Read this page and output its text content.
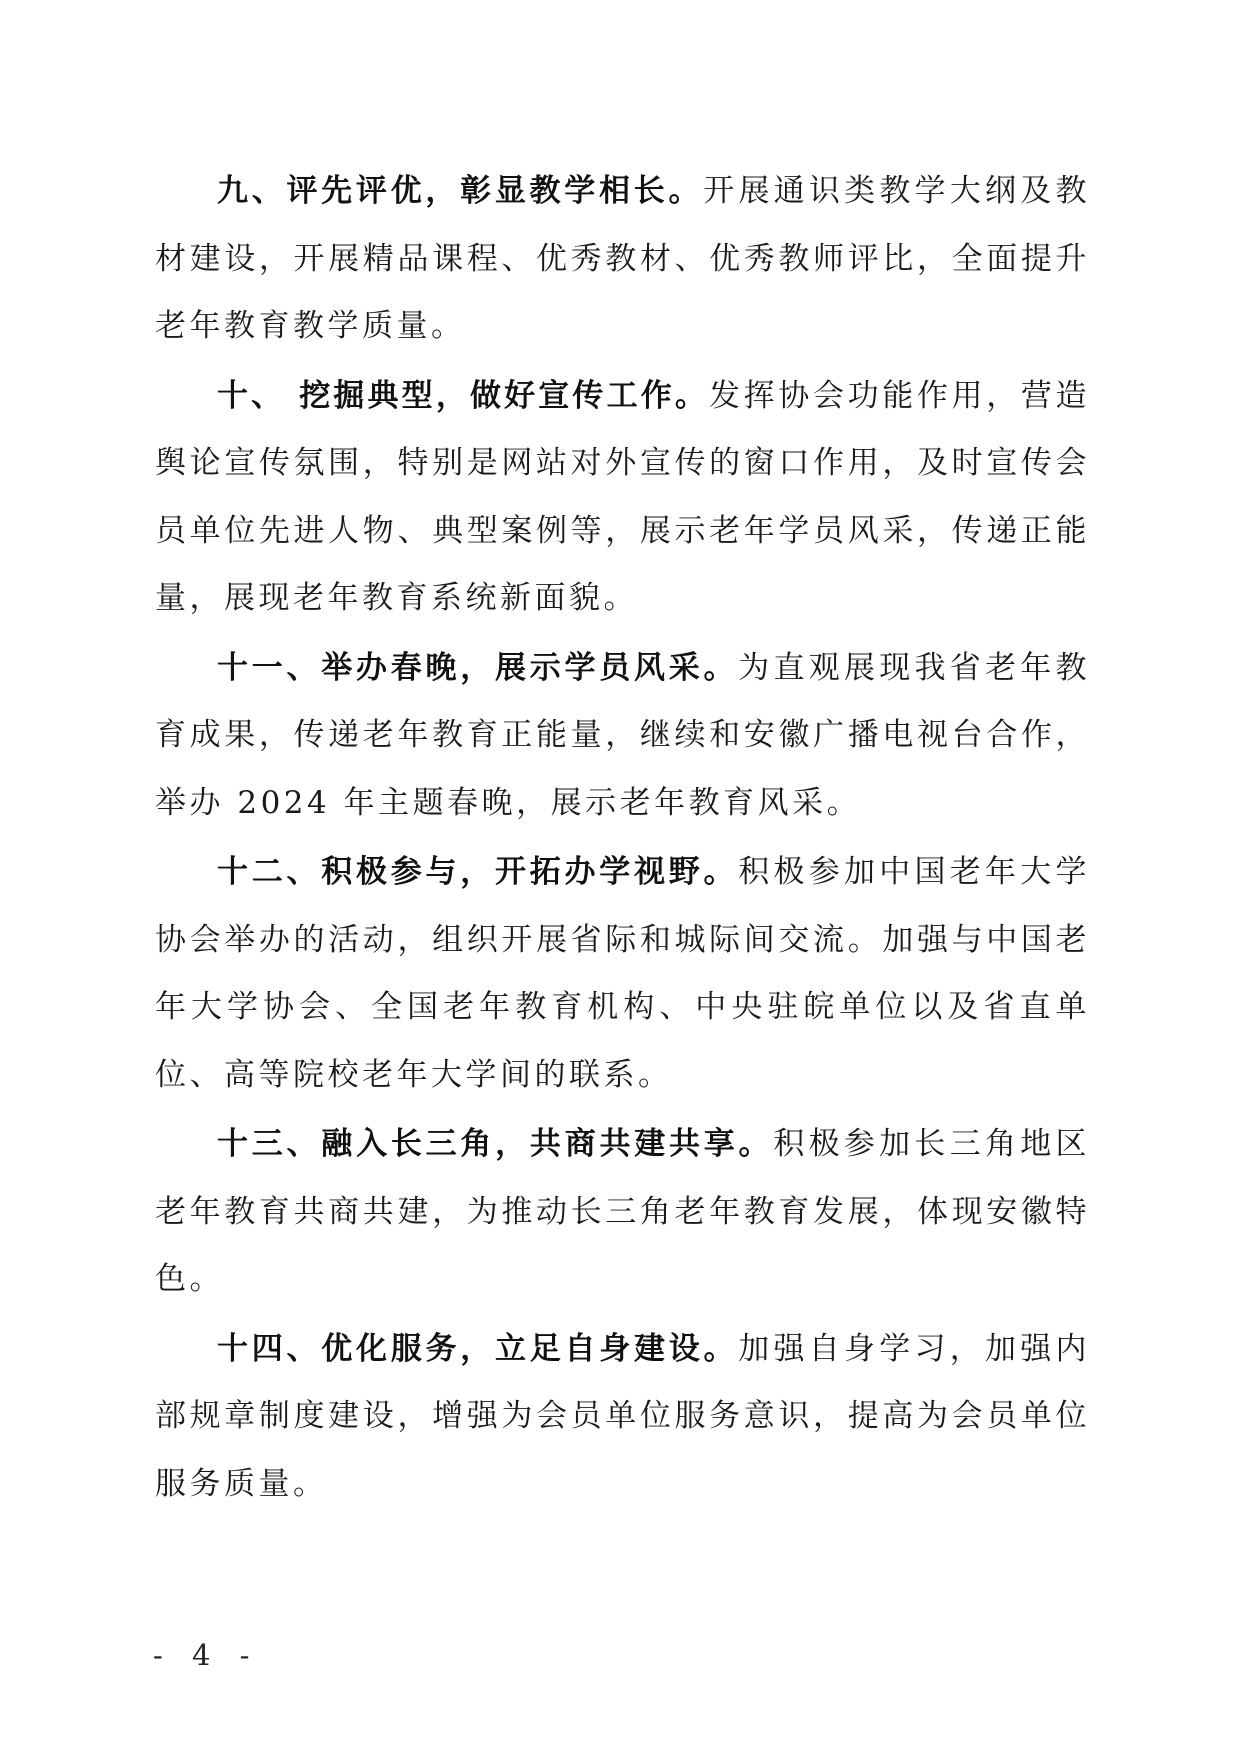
九、评先评优，彰显教学相长。开展通识类教学大纲及教材建设，开展精品课程、优秀教材、优秀教师评比，全面提升老年教育教学质量。

十、 挖掘典型，做好宣传工作。发挥协会功能作用，营造舆论宣传氛围，特别是网站对外宣传的窗口作用，及时宣传会员单位先进人物、典型案例等，展示老年学员风采，传递正能量，展现老年教育系统新面貌。

十一、举办春晚，展示学员风采。为直观展现我省老年教育成果，传递老年教育正能量，继续和安徽广播电视台合作，举办 2024 年主题春晚，展示老年教育风采。

十二、积极参与，开拓办学视野。积极参加中国老年大学协会举办的活动，组织开展省际和城际间交流。加强与中国老年大学协会、全国老年教育机构、中央驻皖单位以及省直单位、高等院校老年大学间的联系。

十三、融入长三角，共商共建共享。积极参加长三角地区老年教育共商共建，为推动长三角老年教育发展，体现安徽特色。

十四、优化服务，立足自身建设。加强自身学习，加强内部规章制度建设，增强为会员单位服务意识，提高为会员单位服务质量。

- 4 -
